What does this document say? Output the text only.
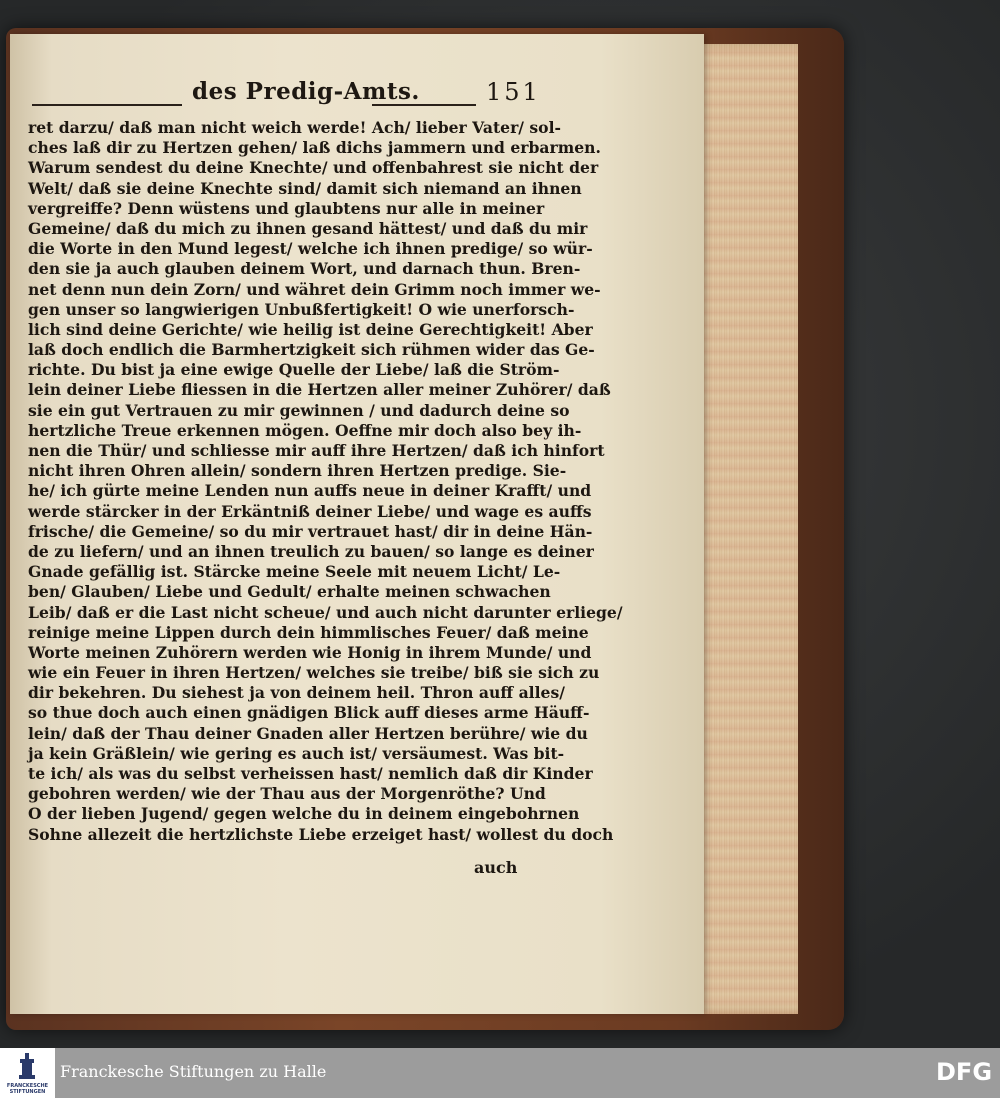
des Predig-Amts.	151
ret darzu/ daß man nicht weich werde! Ach/ lieber Vater/ sol-
ches laß dir zu Hertzen gehen/ laß dichs jammern und erbarmen.
Warum sendest du deine Knechte/ und offenbahrest sie nicht der
Welt/ daß sie deine Knechte sind/ damit sich niemand an ihnen
vergreiffe? Denn wüstens und glaubtens nur alle in meiner
Gemeine/ daß du mich zu ihnen gesand hättest/ und daß du mir
die Worte in den Mund legest/ welche ich ihnen predige/ so wür-
den sie ja auch glauben deinem Wort, und darnach thun. Bren-
net denn nun dein Zorn/ und währet dein Grimm noch immer we-
gen unser so langwierigen Unbußfertigkeit! O wie unerforsch-
lich sind deine Gerichte/ wie heilig ist deine Gerechtigkeit! Aber
laß doch endlich die Barmhertzigkeit sich rühmen wider das Ge-
richte. Du bist ja eine ewige Quelle der Liebe/ laß die Ström-
lein deiner Liebe fliessen in die Hertzen aller meiner Zuhörer/ daß
sie ein gut Vertrauen zu mir gewinnen / und dadurch deine so
hertzliche Treue erkennen mögen. Oeffne mir doch also bey ih-
nen die Thür/ und schliesse mir auff ihre Hertzen/ daß ich hinfort
nicht ihren Ohren allein/ sondern ihren Hertzen predige. Sie-
he/ ich gürte meine Lenden nun auffs neue in deiner Krafft/ und
werde stärcker in der Erkäntniß deiner Liebe/ und wage es auffs
frische/ die Gemeine/ so du mir vertrauet hast/ dir in deine Hän-
de zu liefern/ und an ihnen treulich zu bauen/ so lange es deiner
Gnade gefällig ist. Stärcke meine Seele mit neuem Licht/ Le-
ben/ Glauben/ Liebe und Gedult/ erhalte meinen schwachen
Leib/ daß er die Last nicht scheue/ und auch nicht darunter erliege/
reinige meine Lippen durch dein himmlisches Feuer/ daß meine
Worte meinen Zuhörern werden wie Honig in ihrem Munde/ und
wie ein Feuer in ihren Hertzen/ welches sie treibe/ biß sie sich zu
dir bekehren. Du siehest ja von deinem heil. Thron auff alles/
so thue doch auch einen gnädigen Blick auff dieses arme Häuff-
lein/ daß der Thau deiner Gnaden aller Hertzen berühre/ wie du
ja kein Gräßlein/ wie gering es auch ist/ versäumest. Was bit-
te ich/ als was du selbst verheissen hast/ nemlich daß dir Kinder
gebohren werden/ wie der Thau aus der Morgenröthe? Und
O der lieben Jugend/ gegen welche du in deinem eingebohrnen
Sohne allezeit die hertzlichste Liebe erzeiget hast/ wollest du doch
auch
FRANCKESCHE STIFTUNGEN
Franckesche Stiftungen zu Halle	DFG
